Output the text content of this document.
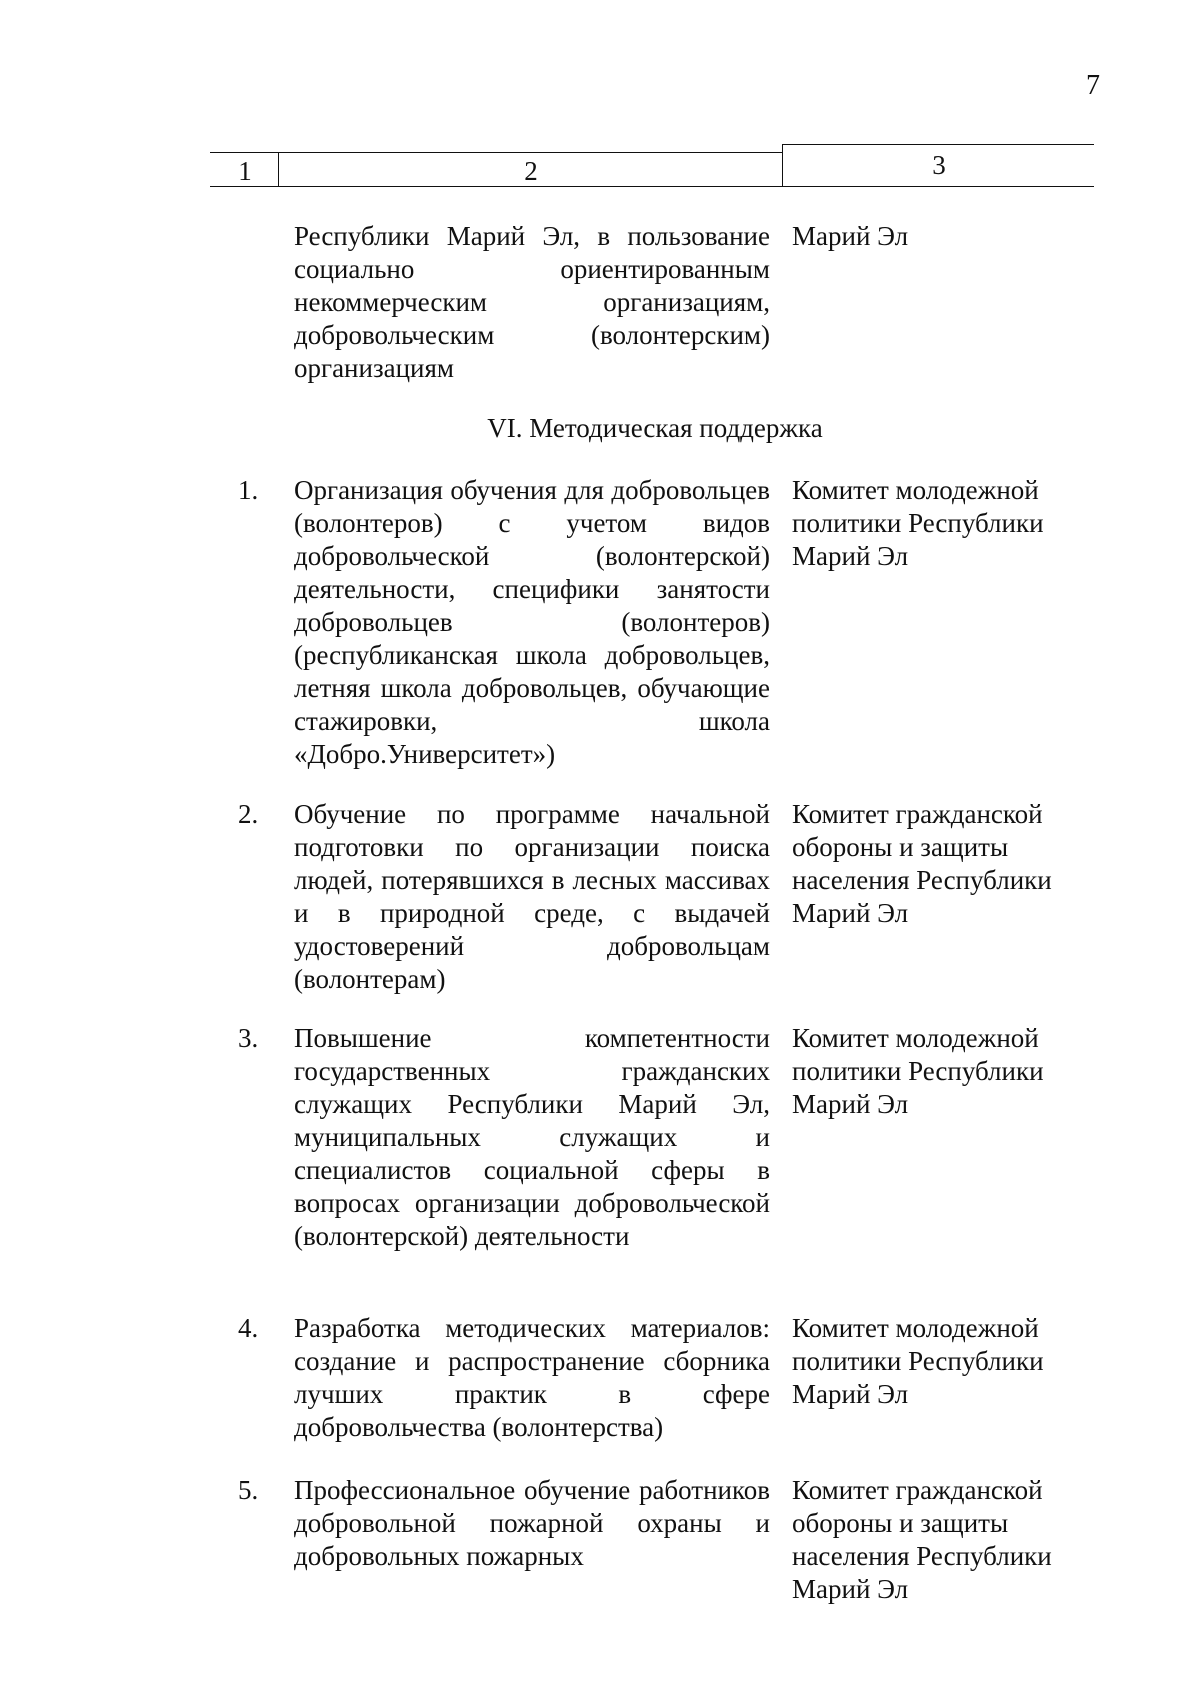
7
1	2	3
Республики Марий Эл, в пользование социально ориентированным некоммерческим организациям, добровольческим (волонтерским) организациям
Марий Эл
VI. Методическая поддержка
1. Организация обучения для добровольцев (волонтеров) с учетом видов добровольческой (волонтерской) деятельности, специфики занятости добровольцев (волонтеров) (республиканская школа добровольцев, летняя школа добровольцев, обучающие стажировки, школа «Добро.Университет»)
Комитет молодежной политики Республики Марий Эл
2. Обучение по программе начальной подготовки по организации поиска людей, потерявшихся в лесных массивах и в природной среде, с выдачей удостоверений добровольцам (волонтерам)
Комитет гражданской обороны и защиты населения Республики Марий Эл
3. Повышение компетентности государственных гражданских служащих Республики Марий Эл, муниципальных служащих и специалистов социальной сферы в вопросах организации добровольческой (волонтерской) деятельности
Комитет молодежной политики Республики Марий Эл
4. Разработка методических материалов: создание и распространение сборника лучших практик в сфере добровольчества (волонтерства)
Комитет молодежной политики Республики Марий Эл
5. Профессиональное обучение работников добровольной пожарной охраны и добровольных пожарных
Комитет гражданской обороны и защиты населения Республики Марий Эл
